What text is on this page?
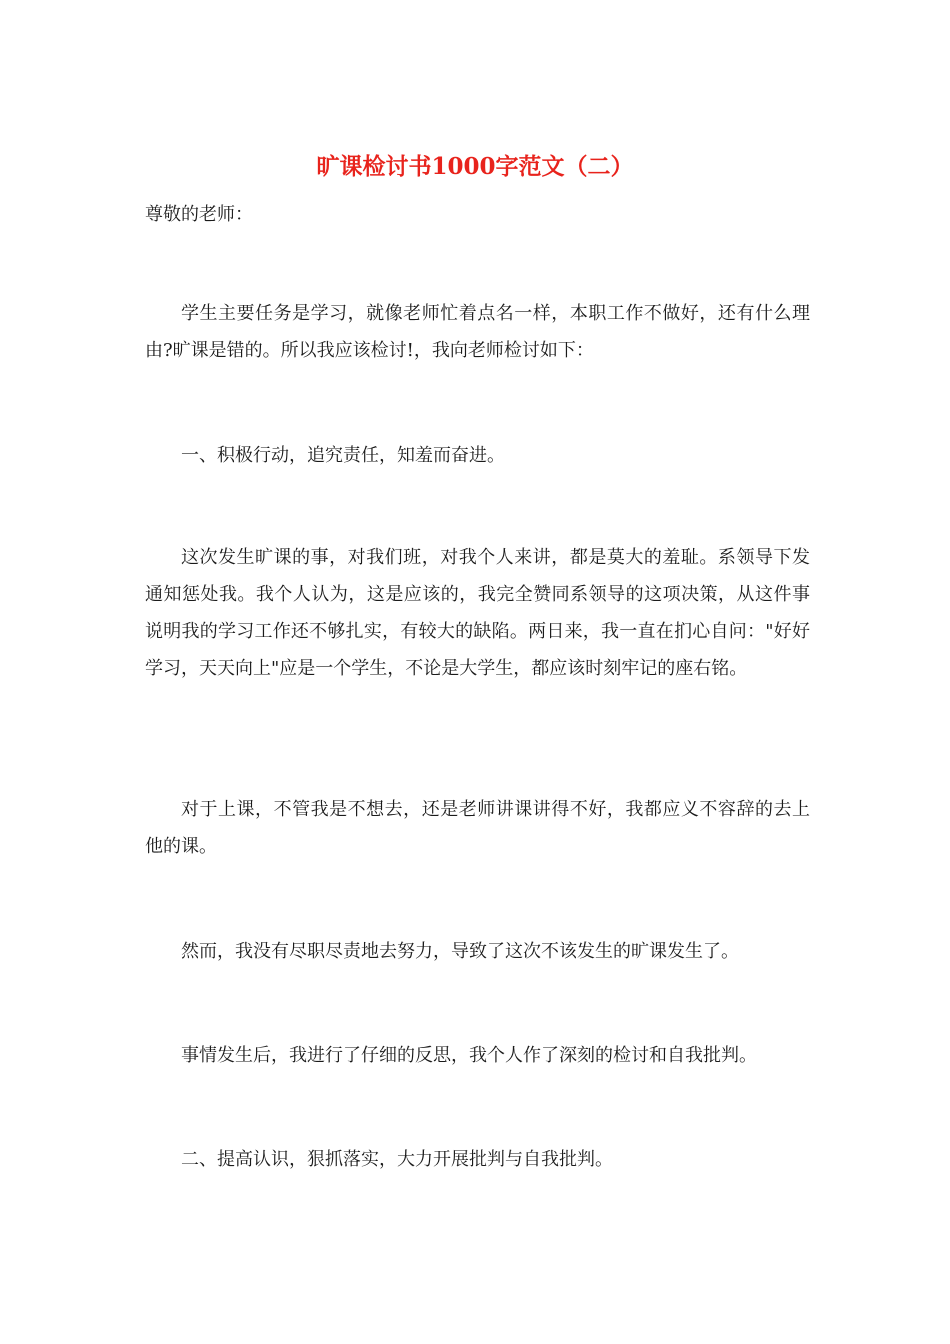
旷课检讨书1000字范文（二）

尊敬的老师：

学生主要任务是学习，就像老师忙着点名一样，本职工作不做好，还有什么理由?旷课是错的。所以我应该检讨!，我向老师检讨如下：

一、积极行动，追究责任，知羞而奋进。

这次发生旷课的事，对我们班，对我个人来讲，都是莫大的羞耻。系领导下发通知惩处我。我个人认为，这是应该的，我完全赞同系领导的这项决策，从这件事说明我的学习工作还不够扎实，有较大的缺陷。两日来，我一直在扪心自问："好好学习，天天向上"应是一个学生，不论是大学生，都应该时刻牢记的座右铭。

对于上课，不管我是不想去，还是老师讲课讲得不好，我都应义不容辞的去上他的课。

然而，我没有尽职尽责地去努力，导致了这次不该发生的旷课发生了。

事情发生后，我进行了仔细的反思，我个人作了深刻的检讨和自我批判。

二、提高认识，狠抓落实，大力开展批判与自我批判。
